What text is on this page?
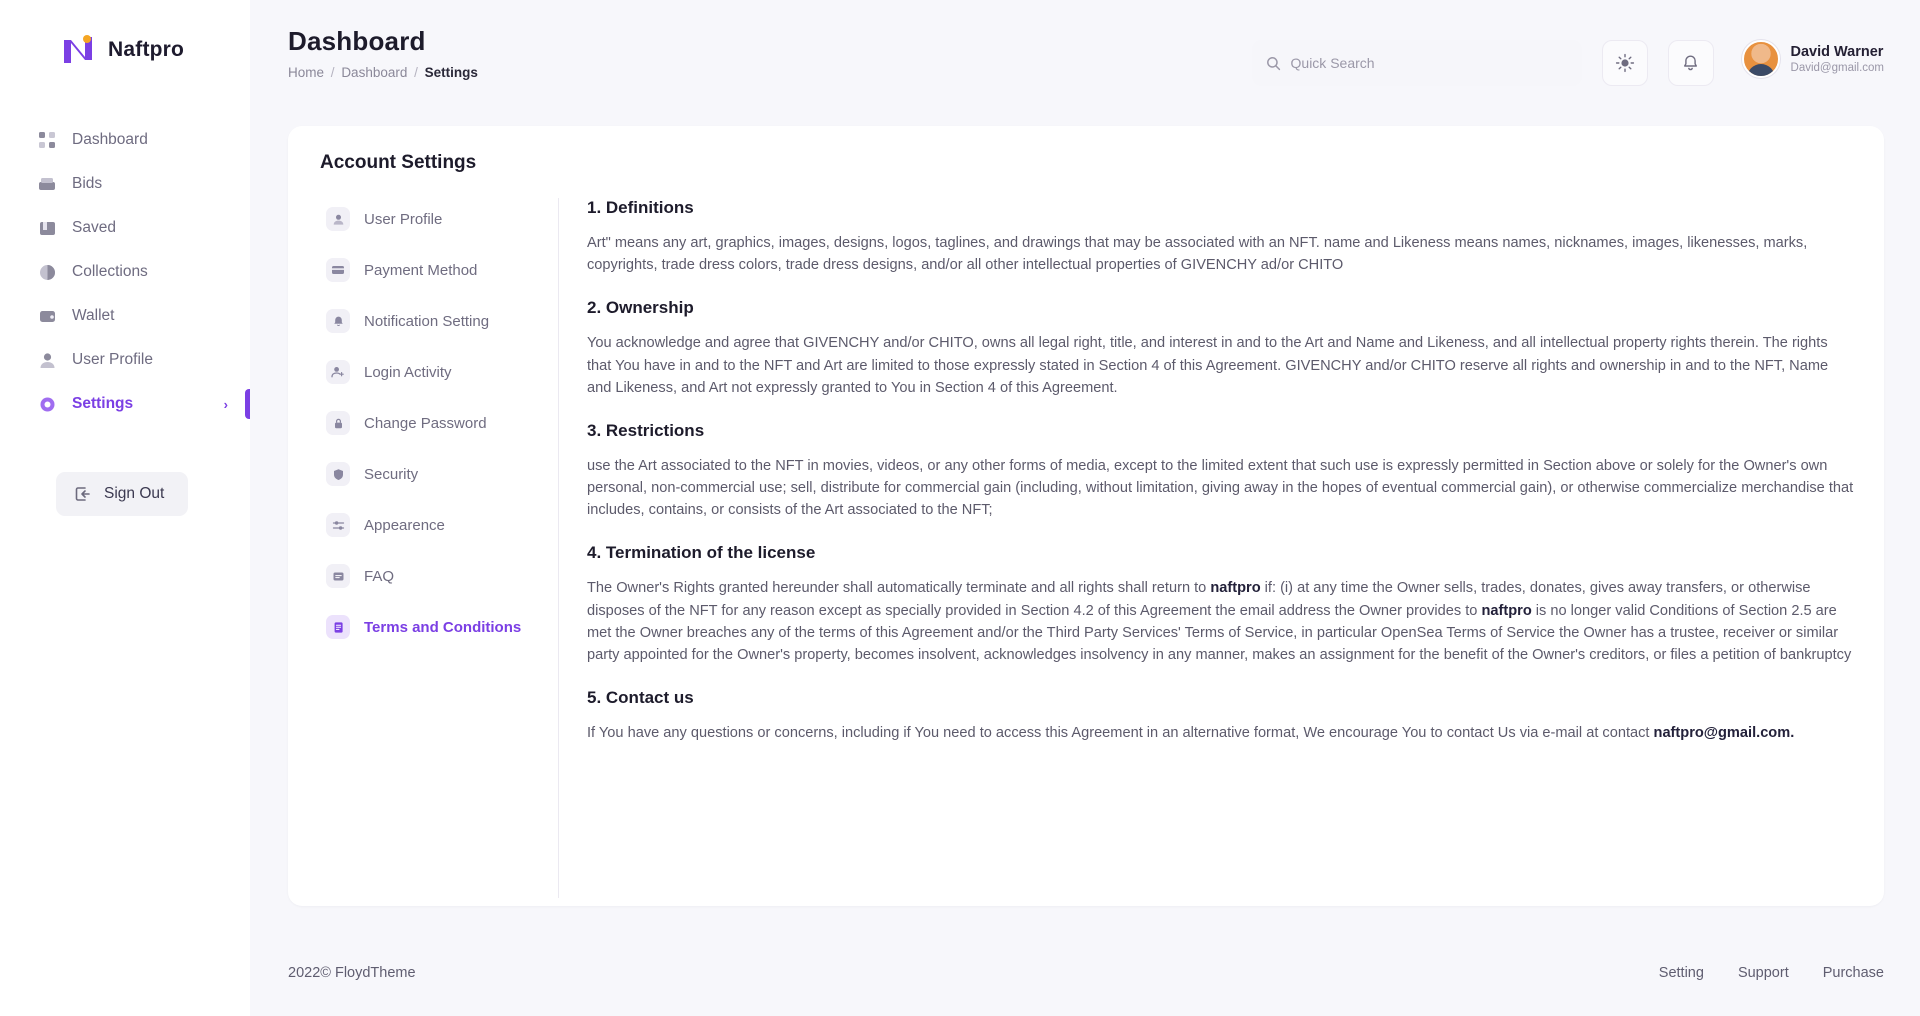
Naftpro
Dashboard
Bids
Saved
Collections
Wallet
User Profile
Settings	›
Sign Out
Dashboard
Home / Dashboard / Settings
Quick Search
David Warner
David@gmail.com
Account Settings
User Profile
Payment Method
Notification Setting
Login Activity
Change Password
Security
Appearence
FAQ
Terms and Conditions
1. Definitions

Art" means any art, graphics, images, designs, logos, taglines, and drawings that may be associated with an NFT. name and Likeness means names, nicknames, images, likenesses, marks, copyrights, trade dress colors, trade dress designs, and/or all other intellectual properties of GIVENCHY ad/or CHITO

2. Ownership

You acknowledge and agree that GIVENCHY and/or CHITO, owns all legal right, title, and interest in and to the Art and Name and Likeness, and all intellectual property rights therein. The rights that You have in and to the NFT and Art are limited to those expressly stated in Section 4 of this Agreement. GIVENCHY and/or CHITO reserve all rights and ownership in and to the NFT, Name and Likeness, and Art not expressly granted to You in Section 4 of this Agreement.

3. Restrictions

use the Art associated to the NFT in movies, videos, or any other forms of media, except to the limited extent that such use is expressly permitted in Section above or solely for the Owner's own personal, non-commercial use; sell, distribute for commercial gain (including, without limitation, giving away in the hopes of eventual commercial gain), or otherwise commercialize merchandise that includes, contains, or consists of the Art associated to the NFT;

4. Termination of the license

The Owner's Rights granted hereunder shall automatically terminate and all rights shall return to naftpro if: (i) at any time the Owner sells, trades, donates, gives away transfers, or otherwise disposes of the NFT for any reason except as specially provided in Section 4.2 of this Agreement the email address the Owner provides to naftpro is no longer valid Conditions of Section 2.5 are met the Owner breaches any of the terms of this Agreement and/or the Third Party Services' Terms of Service, in particular OpenSea Terms of Service the Owner has a trustee, receiver or similar party appointed for the Owner's property, becomes insolvent, acknowledges insolvency in any manner, makes an assignment for the benefit of the Owner's creditors, or files a petition of bankruptcy

5. Contact us

If You have any questions or concerns, including if You need to access this Agreement in an alternative format, We encourage You to contact Us via e-mail at contact naftpro@gmail.com.

2022© FloydTheme	Setting Support Purchase
